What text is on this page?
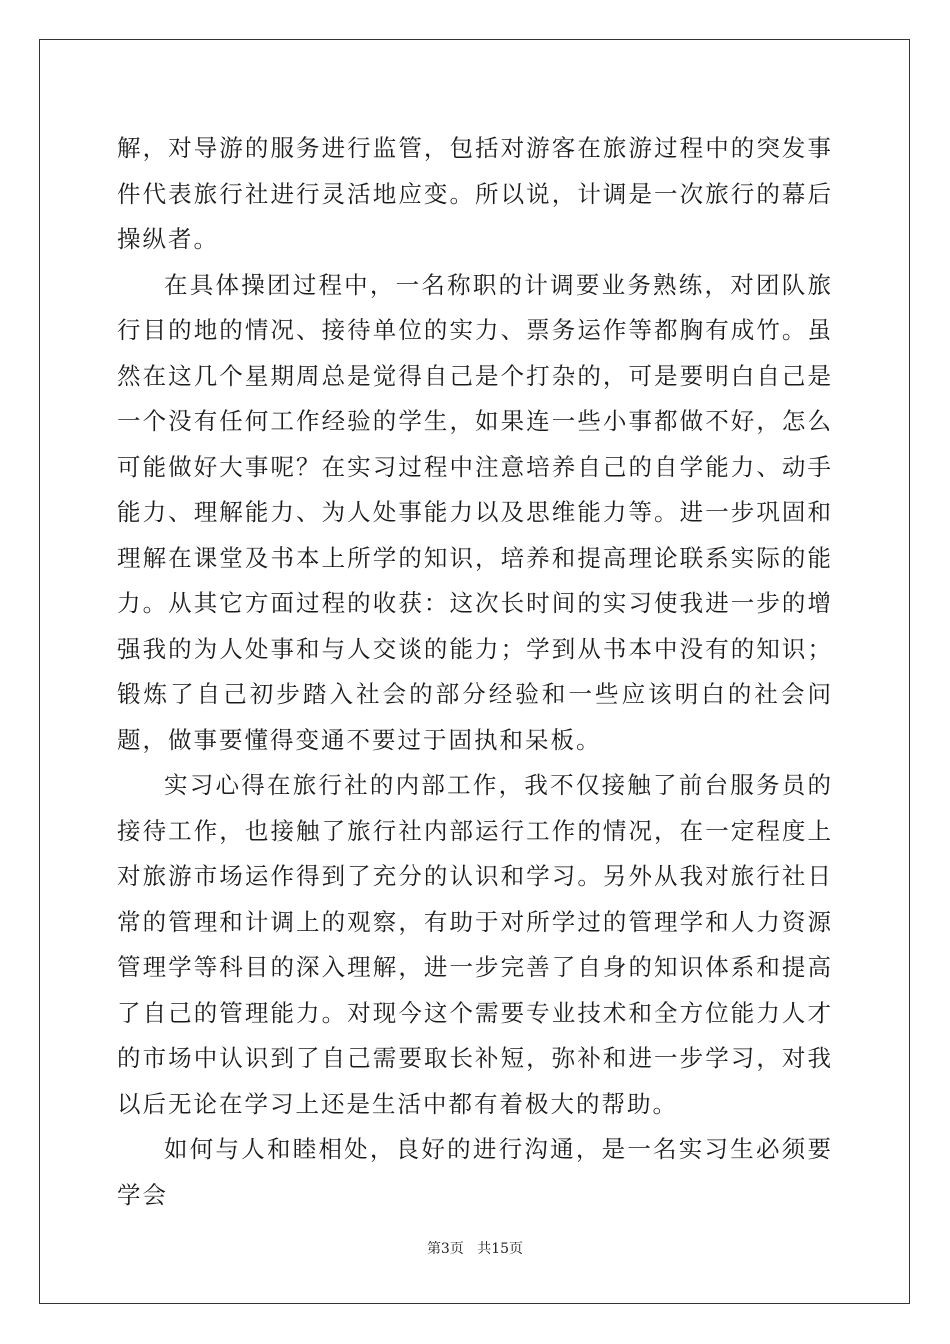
解，对导游的服务进行监管，包括对游客在旅游过程中的突发事件代表旅行社进行灵活地应变。所以说，计调是一次旅行的幕后操纵者。

在具体操团过程中，一名称职的计调要业务熟练，对团队旅行目的地的情况、接待单位的实力、票务运作等都胸有成竹。虽然在这几个星期周总是觉得自己是个打杂的，可是要明白自己是一个没有任何工作经验的学生，如果连一些小事都做不好，怎么可能做好大事呢？在实习过程中注意培养自己的自学能力、动手能力、理解能力、为人处事能力以及思维能力等。进一步巩固和理解在课堂及书本上所学的知识，培养和提高理论联系实际的能力。从其它方面过程的收获：这次长时间的实习使我进一步的增强我的为人处事和与人交谈的能力；学到从书本中没有的知识；锻炼了自己初步踏入社会的部分经验和一些应该明白的社会问题，做事要懂得变通不要过于固执和呆板。

实习心得在旅行社的内部工作，我不仅接触了前台服务员的接待工作，也接触了旅行社内部运行工作的情况，在一定程度上对旅游市场运作得到了充分的认识和学习。另外从我对旅行社日常的管理和计调上的观察，有助于对所学过的管理学和人力资源管理学等科目的深入理解，进一步完善了自身的知识体系和提高了自己的管理能力。对现今这个需要专业技术和全方位能力人才的市场中认识到了自己需要取长补短，弥补和进一步学习，对我以后无论在学习上还是生活中都有着极大的帮助。

如何与人和睦相处，良好的进行沟通，是一名实习生必须要学会

第3页 共15页
